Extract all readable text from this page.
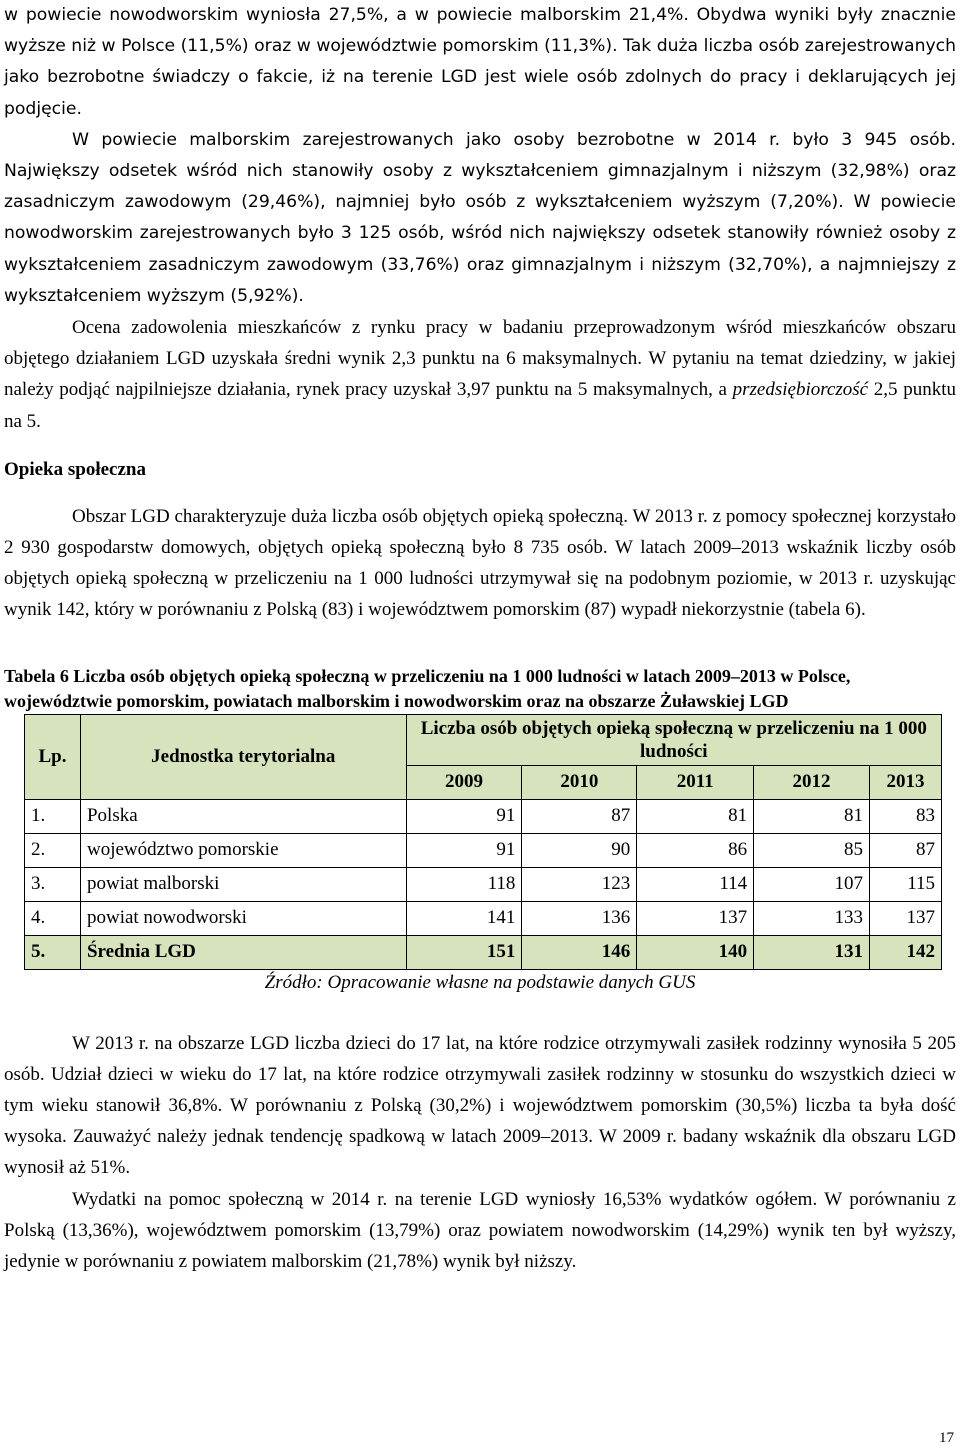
w powiecie nowodworskim wyniosła 27,5%, a w powiecie malborskim 21,4%. Obydwa wyniki były znacznie wyższe niż w Polsce (11,5%) oraz w województwie pomorskim (11,3%). Tak duża liczba osób zarejestrowanych jako bezrobotne świadczy o fakcie, iż na terenie LGD jest wiele osób zdolnych do pracy i deklarujących jej podjęcie.

W powiecie malborskim zarejestrowanych jako osoby bezrobotne w 2014 r. było 3 945 osób. Największy odsetek wśród nich stanowiły osoby z wykształceniem gimnazjalnym i niższym (32,98%) oraz zasadniczym zawodowym (29,46%), najmniej było osób z wykształceniem wyższym (7,20%). W powiecie nowodworskim zarejestrowanych było 3 125 osób, wśród nich największy odsetek stanowiły również osoby z wykształceniem zasadniczym zawodowym (33,76%) oraz gimnazjalnym i niższym (32,70%), a najmniejszy z wykształceniem wyższym (5,92%).

Ocena zadowolenia mieszkańców z rynku pracy w badaniu przeprowadzonym wśród mieszkańców obszaru objętego działaniem LGD uzyskała średni wynik 2,3 punktu na 6 maksymalnych. W pytaniu na temat dziedziny, w jakiej należy podjąć najpilniejsze działania, rynek pracy uzyskał 3,97 punktu na 5 maksymalnych, a przedsiębiorczość 2,5 punktu na 5.

Opieka społeczna

Obszar LGD charakteryzuje duża liczba osób objętych opieką społeczną. W 2013 r. z pomocy społecznej korzystało 2 930 gospodarstw domowych, objętych opieką społeczną było 8 735 osób. W latach 2009–2013 wskaźnik liczby osób objętych opieką społeczną w przeliczeniu na 1 000 ludności utrzymywał się na podobnym poziomie, w 2013 r. uzyskując wynik 142, który w porównaniu z Polską (83) i województwem pomorskim (87) wypadł niekorzystnie (tabela 6).

Tabela 6 Liczba osób objętych opieką społeczną w przeliczeniu na 1 000 ludności w latach 2009–2013 w Polsce, województwie pomorskim, powiatach malborskim i nowodworskim oraz na obszarze Żuławskiej LGD

Lp.	Jednostka terytorialna	Liczba osób objętych opieką społeczną w przeliczeniu na 1 000 ludności				
		2009	2010	2011	2012	2013
1.	Polska	91	87	81	81	83
2.	województwo pomorskie	91	90	86	85	87
3.	powiat malborski	118	123	114	107	115
4.	powiat nowodworski	141	136	137	133	137
5.	Średnia LGD	151	146	140	131	142
Źródło: Opracowanie własne na podstawie danych GUS

W 2013 r. na obszarze LGD liczba dzieci do 17 lat, na które rodzice otrzymywali zasiłek rodzinny wynosiła 5 205 osób. Udział dzieci w wieku do 17 lat, na które rodzice otrzymywali zasiłek rodzinny w stosunku do wszystkich dzieci w tym wieku stanowił 36,8%. W porównaniu z Polską (30,2%) i województwem pomorskim (30,5%) liczba ta była dość wysoka. Zauważyć należy jednak tendencję spadkową w latach 2009–2013. W 2009 r. badany wskaźnik dla obszaru LGD wynosił aż 51%.

Wydatki na pomoc społeczną w 2014 r. na terenie LGD wyniosły 16,53% wydatków ogółem. W porównaniu z Polską (13,36%), województwem pomorskim (13,79%) oraz powiatem nowodworskim (14,29%) wynik ten był wyższy, jedynie w porównaniu z powiatem malborskim (21,78%) wynik był niższy.

17
